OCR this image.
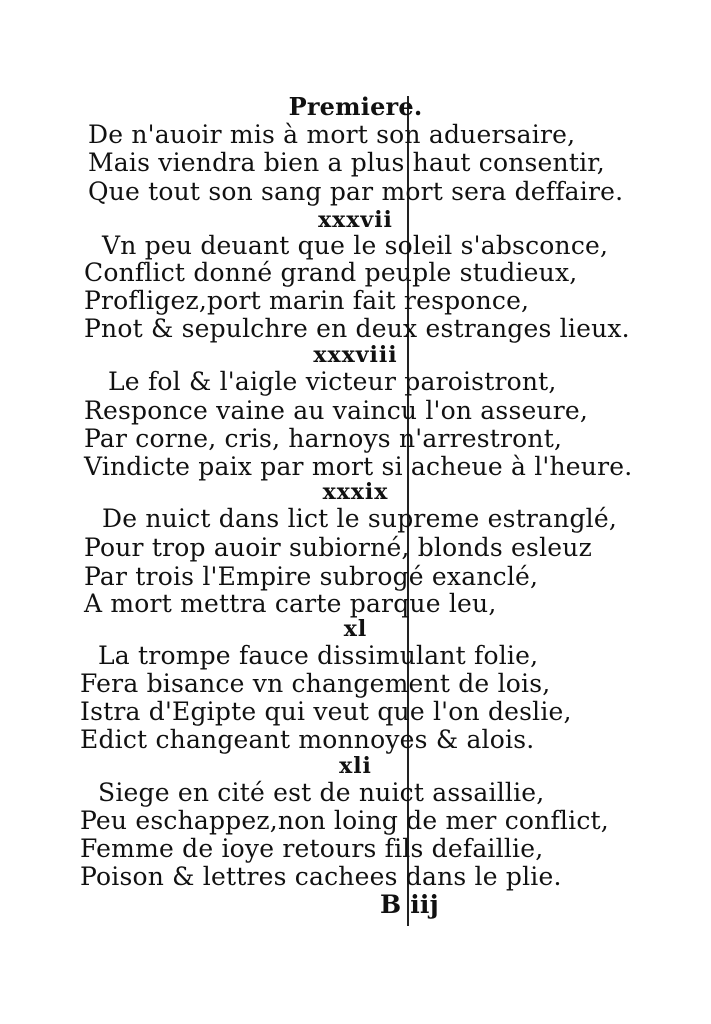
Premiere.
De n'auoir mis à mort son aduersaire,
Mais viendra bien a plus haut consentir,
Que tout son sang par mort sera deffaire.
xxxvii
Vn peu deuant que le soleil s'absconce,
Conflict donné grand peuple studieux,
Profligez,port marin fait responce,
Pnot & sepulchre en deux estranges lieux.
xxxviii
Le fol & l'aigle victeur paroistront,
Responce vaine au vaincu l'on asseure,
Par corne, cris, harnoys n'arrestront,
Vindicte paix par mort si acheue à l'heure.
xxxix
De nuict dans lict le supreme estranglé,
Pour trop auoir subiorné, blonds esleuz
Par trois l'Empire subrogé exanclé,
A mort mettra carte parque leu,
xl
La trompe fauce dissimulant folie,
Fera bisance vn changement de lois,
Istra d'Egipte qui veut que l'on deslie,
Edict changeant monnoyes & alois.
xli
Siege en cité est de nuict assaillie,
Peu eschappez,non loing de mer conflict,
Femme de ioye retours fils defaillie,
Poison & lettres cachees dans le plie.
B iij
